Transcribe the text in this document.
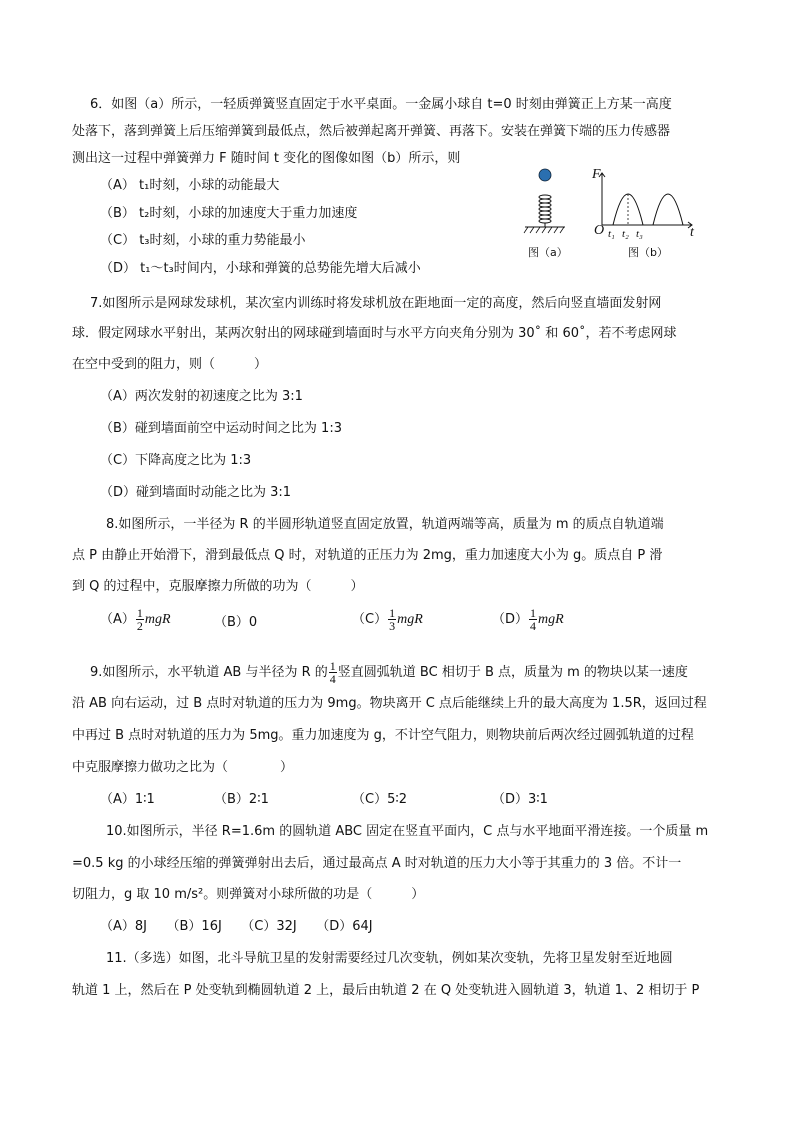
6．如图（a）所示，一轻质弹簧竖直固定于水平桌面。一金属小球自 t=0 时刻由弹簧正上方某一高度
处落下，落到弹簧上后压缩弹簧到最低点，然后被弹起离开弹簧、再落下。安装在弹簧下端的压力传感器
测出这一过程中弹簧弹力 F 随时间 t 变化的图像如图（b）所示，则
（A） t₁时刻，小球的动能最大
（B） t₂时刻，小球的加速度大于重力加速度
（C） t₃时刻，小球的重力势能最小
（D） t₁～t₃时间内，小球和弹簧的总势能先增大后减小
图（a）
F
t
O t₁ t₂ t₃
图（b）
7.如图所示是网球发球机，某次室内训练时将发球机放在距地面一定的高度，然后向竖直墙面发射网
球．假定网球水平射出，某两次射出的网球碰到墙面时与水平方向夹角分别为 30˚ 和 60˚，若不考虑网球
在空中受到的阻力，则（　　　）
（A）两次发射的初速度之比为 3:1
（B）碰到墙面前空中运动时间之比为 1:3
（C）下降高度之比为 1:3
（D）碰到墙面时动能之比为 3:1
8.如图所示，一半径为 R 的半圆形轨道竖直固定放置，轨道两端等高，质量为 m 的质点自轨道端
点 P 由静止开始滑下，滑到最低点 Q 时，对轨道的正压力为 2mg，重力加速度大小为 g。质点自 P 滑
到 Q 的过程中，克服摩擦力所做的功为（　　　）
$(A) \frac{1}{2}$ mgR	（B）0	$(C) \frac{1}{3}$ mgR	$(D) \frac{1}{4}$ mgR
9.如图所示，水平轨道 AB 与半径为 R 的 $\frac{1}{4}$ 竖直圆弧轨道 BC 相切于 B 点，质量为 m 的物块以某一速度
沿 AB 向右运动，过 B 点时对轨道的压力为 9mg。物块离开 C 点后能继续上升的最大高度为 1.5R，返回过程
中再过 B 点时对轨道的压力为 5mg。重力加速度为 g，不计空气阻力，则物块前后两次经过圆弧轨道的过程
中克服摩擦力做功之比为（　　　　）
（A）1∶1	（B）2∶1	（C）5∶2	（D）3∶1
10.如图所示，半径 R=1.6m 的圆轨道 ABC 固定在竖直平面内，C 点与水平地面平滑连接。一个质量 m
=0.5 kg 的小球经压缩的弹簧弹射出去后，通过最高点 A 时对轨道的压力大小等于其重力的 3 倍。不计一
切阻力，g 取 10 m/s²。则弹簧对小球所做的功是（　　　）
（A）8J　　（B）16J　　（C）32J　　（D）64J
11.（多选）如图，北斗导航卫星的发射需要经过几次变轨，例如某次变轨，先将卫星发射至近地圆
轨道 1 上，然后在 P 处变轨到椭圆轨道 2 上，最后由轨道 2 在 Q 处变轨进入圆轨道 3，轨道 1、2 相切于 P
